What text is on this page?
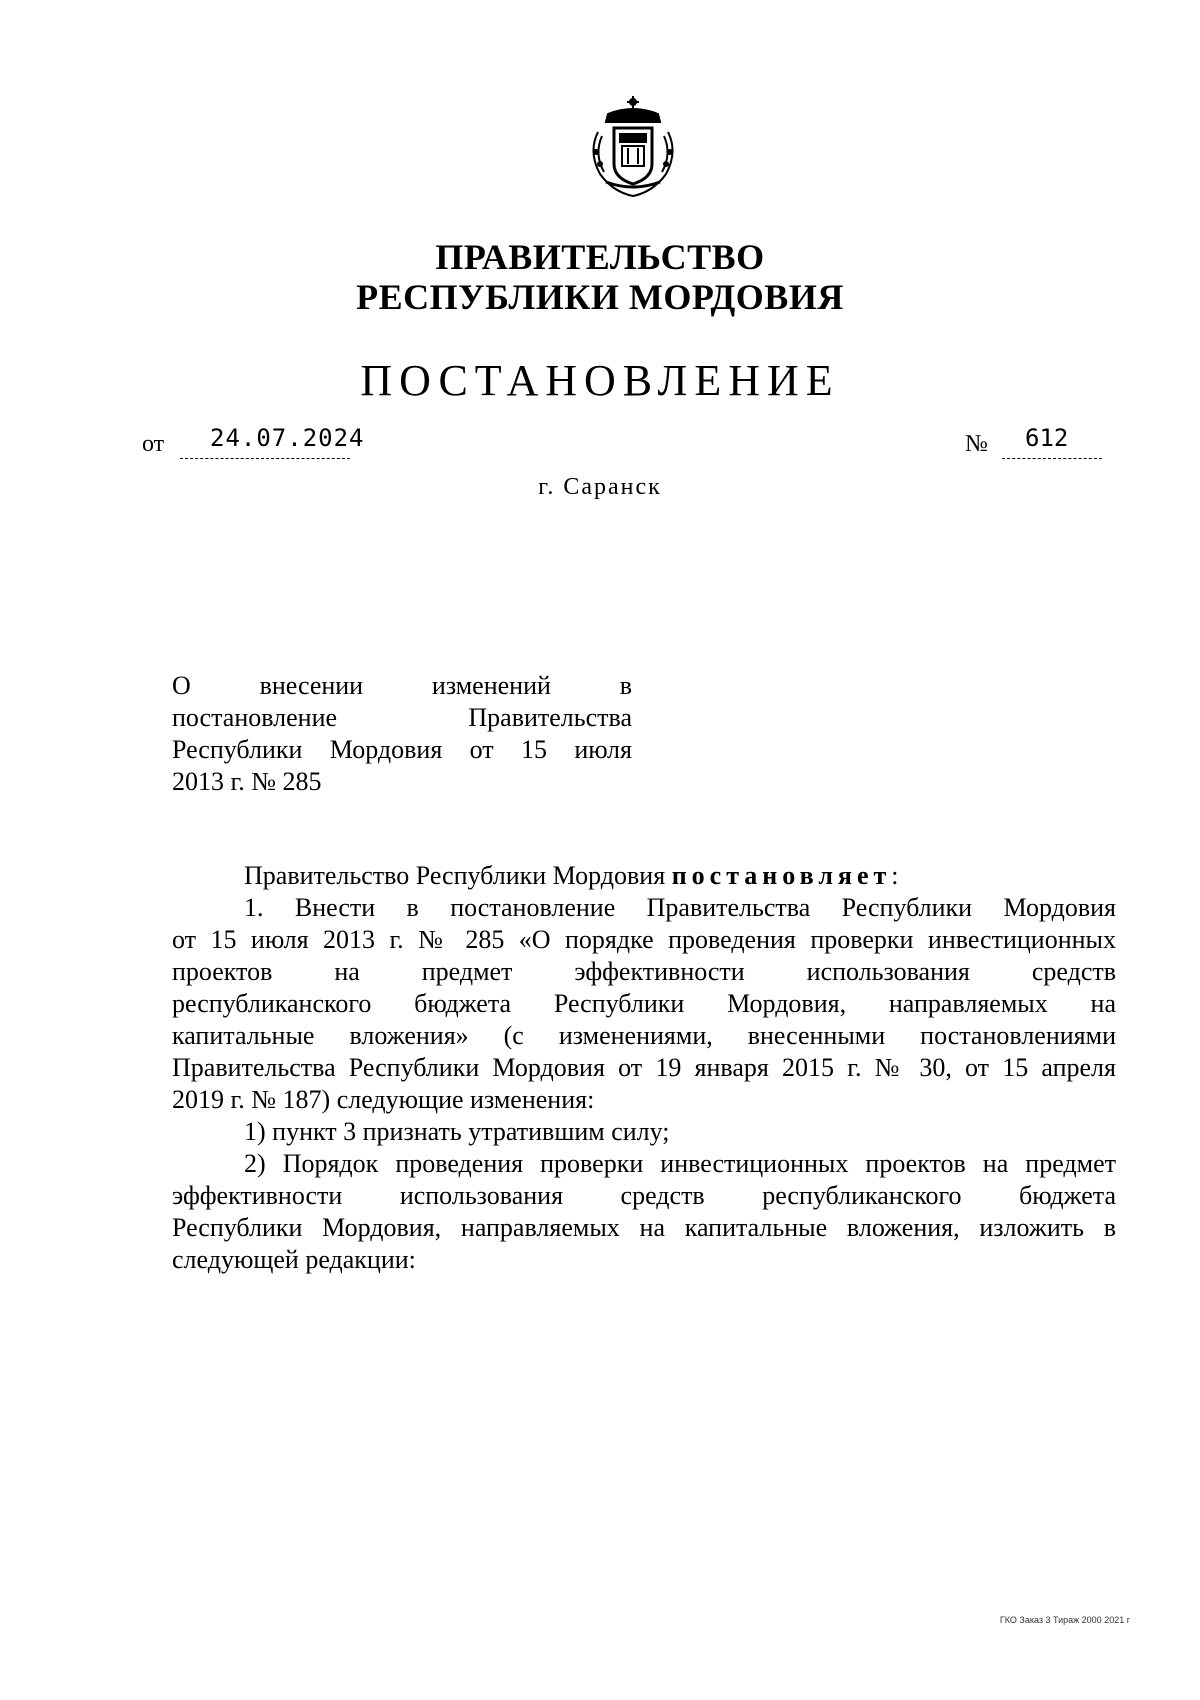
ПРАВИТЕЛЬСТВО
РЕСПУБЛИКИ МОРДОВИЯ
ПОСТАНОВЛЕНИЕ
от 24.07.2024	№ 612
г. Саранск
О внесении изменений в
постановление Правительства
Республики Мордовия от 15 июля
2013 г. № 285
Правительство Республики Мордовия постановляет:
1. Внести в постановление Правительства Республики Мордовия
от 15 июля 2013 г. № 285 «О порядке проведения проверки инвестиционных
проектов на предмет эффективности использования средств
республиканского бюджета Республики Мордовия, направляемых на
капитальные вложения» (с изменениями, внесенными постановлениями
Правительства Республики Мордовия от 19 января 2015 г. № 30, от 15 апреля
2019 г. № 187) следующие изменения:
1) пункт 3 признать утратившим силу;
2) Порядок проведения проверки инвестиционных проектов на предмет
эффективности использования средств республиканского бюджета
Республики Мордовия, направляемых на капитальные вложения, изложить в
следующей редакции:
ГКО Заказ 3 Тираж 2000 2021 г
